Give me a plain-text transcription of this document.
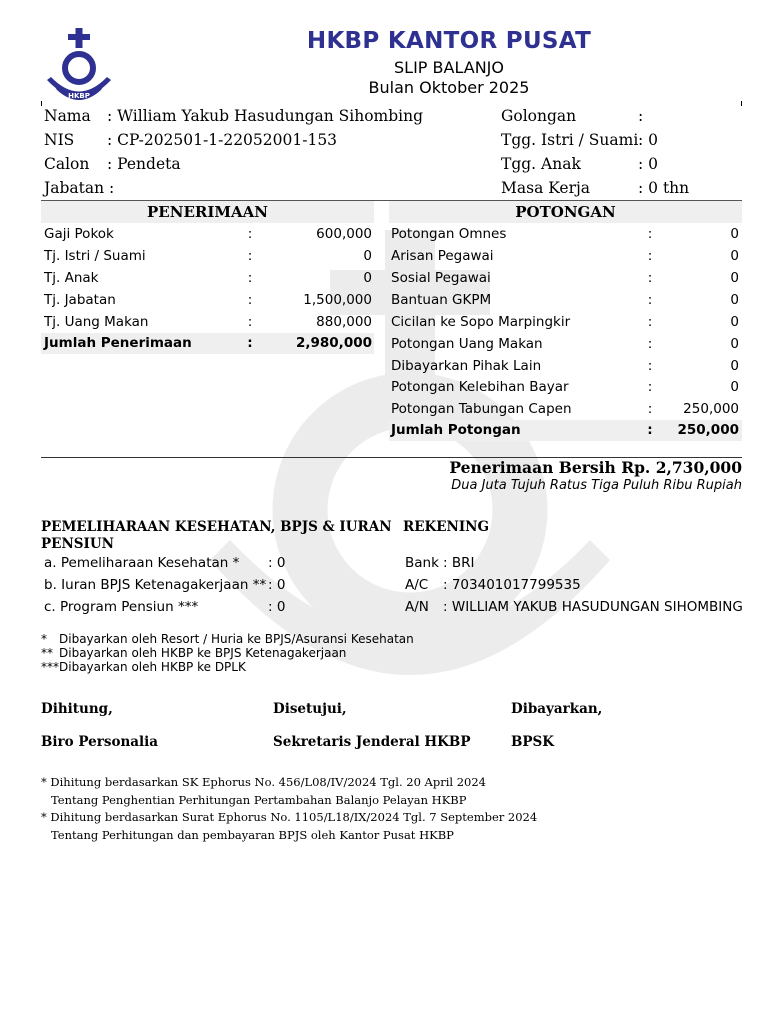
HKBP
HKBP KANTOR PUSAT
SLIP BALANJO
Bulan Oktober 2025
Nama : William Yakub Hasudungan Sihombing
NIS : CP-202501-1-22052001-153
Calon : Pendeta
Jabatan :
Golongan	:
Tgg. Istri / Suami : 0
Tgg. Anak	: 0
Masa Kerja	: 0 thn
PENERIMAAN	POTONGAN
Gaji Pokok	:	600,000
Tj. Istri / Suami	:	0
Tj. Anak	:	0
Tj. Jabatan	:	1,500,000
Tj. Uang Makan	:	880,000
Jumlah Penerimaan	:	2,980,000
Potongan Omnes	:	0
Arisan Pegawai	:	0
Sosial Pegawai	:	0
Bantuan GKPM	:	0
Cicilan ke Sopo Marpingkir	:	0
Potongan Uang Makan	:	0
Dibayarkan Pihak Lain	:	0
Potongan Kelebihan Bayar	:	0
Potongan Tabungan Capen	:	250,000
Jumlah Potongan	:	250,000
Penerimaan Bersih Rp. 2,730,000
Dua Juta Tujuh Ratus Tiga Puluh Ribu Rupiah
PEMELIHARAAN KESEHATAN, BPJS & IURAN
PENSIUN
a. Pemeliharaan Kesehatan * : 0
b. Iuran BPJS Ketenagakerjaan ** : 0
c. Program Pensiun ***	: 0
REKENING
Bank : BRI
A/C : 703401017799535
A/N : WILLIAM YAKUB HASUDUNGAN SIHOMBING
* Dibayarkan oleh Resort / Huria ke BPJS/Asuransi Kesehatan
** Dibayarkan oleh HKBP ke BPJS Ketenagakerjaan
*** Dibayarkan oleh HKBP ke DPLK
Dihitung,
Biro Personalia
Disetujui,
Sekretaris Jenderal HKBP
Dibayarkan,
BPSK
* Dihitung berdasarkan SK Ephorus No. 456/L08/IV/2024 Tgl. 20 April 2024
Tentang Penghentian Perhitungan Pertambahan Balanjo Pelayan HKBP
* Dihitung berdasarkan Surat Ephorus No. 1105/L18/IX/2024 Tgl. 7 September 2024
Tentang Perhitungan dan pembayaran BPJS oleh Kantor Pusat HKBP
